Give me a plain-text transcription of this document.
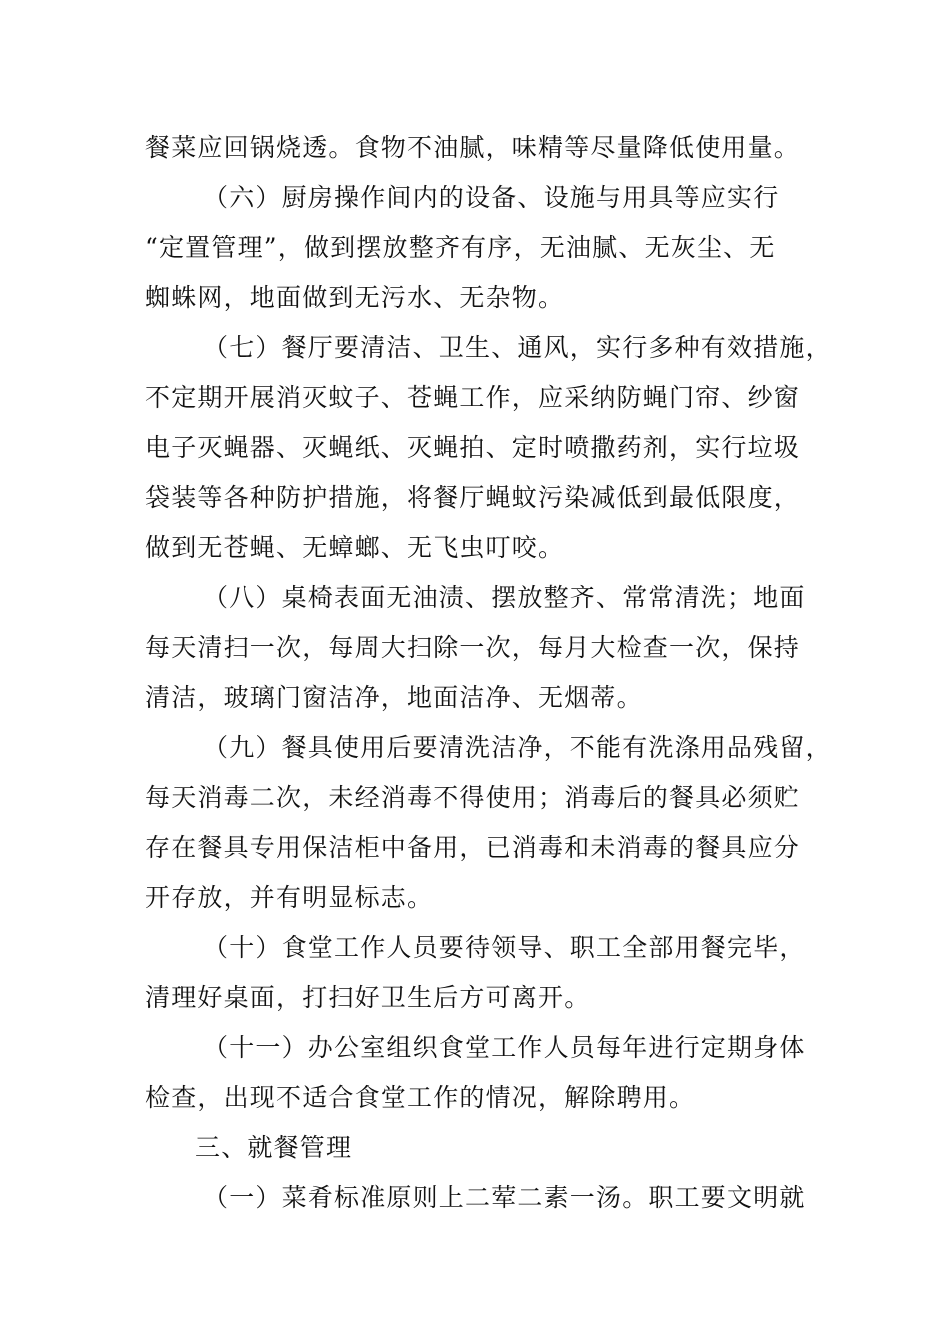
餐菜应回锅烧透。食物不油腻，味精等尽量降低使用量。
（六）厨房操作间内的设备、设施与用具等应实行
“定置管理”，做到摆放整齐有序，无油腻、无灰尘、无
蜘蛛网，地面做到无污水、无杂物。
（七）餐厅要清洁、卫生、通风，实行多种有效措施，
不定期开展消灭蚊子、苍蝇工作，应采纳防蝇门帘、纱窗
电子灭蝇器、灭蝇纸、灭蝇拍、定时喷撒药剂，实行垃圾
袋装等各种防护措施，将餐厅蝇蚊污染减低到最低限度，
做到无苍蝇、无蟑螂、无飞虫叮咬。
（八）桌椅表面无油渍、摆放整齐、常常清洗；地面
每天清扫一次，每周大扫除一次，每月大检查一次，保持
清洁，玻璃门窗洁净，地面洁净、无烟蒂。
（九）餐具使用后要清洗洁净，不能有洗涤用品残留，
每天消毒二次，未经消毒不得使用；消毒后的餐具必须贮
存在餐具专用保洁柜中备用，已消毒和未消毒的餐具应分
开存放，并有明显标志。
（十）食堂工作人员要待领导、职工全部用餐完毕，
清理好桌面，打扫好卫生后方可离开。
（十一）办公室组织食堂工作人员每年进行定期身体
检查，出现不适合食堂工作的情况，解除聘用。
三、就餐管理
（一）菜肴标准原则上二荤二素一汤。职工要文明就
